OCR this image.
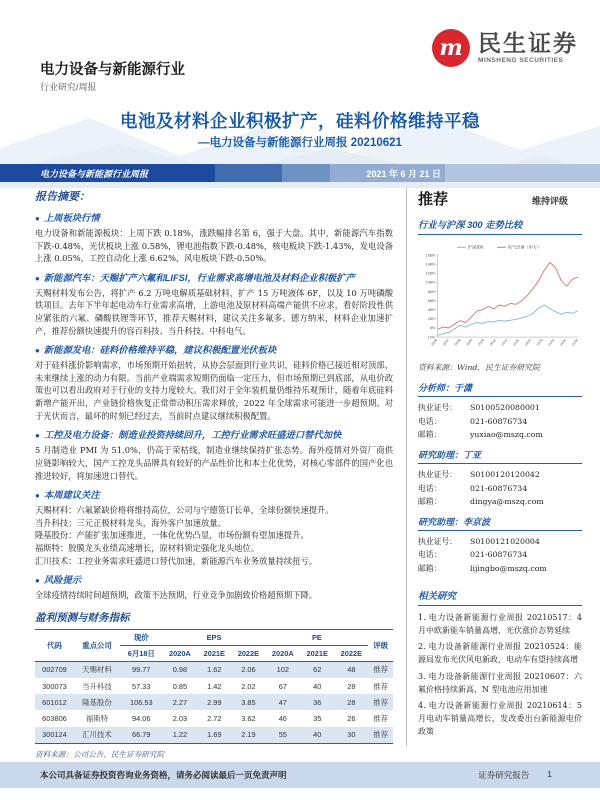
m 民生证券
MINSHENG SECURITIES
电力设备与新能源行业
行业研究/周报
电池及材料企业积极扩产，硅料价格维持平稳
—电力设备与新能源行业周报 20210621
电力设备与新能源行业周报	2021 年 6 月 21 日
报告摘要：
● 上周板块行情
电力设备和新能源板块：上周下跌 0.18%，涨跌幅排名第 6，强于大盘。其中，新能源汽车指数下跌-0.48%，光伏板块上涨 0.58%，锂电池指数下跌-0.48%，核电板块下跌-1.43%，发电设备上涨 0.05%，工控自动化上涨 6.62%，风电板块下跌-0.50%。
● 新能源汽车：天赐扩产六氟和LIFSI，行业需求高增电池及材料企业积极扩产
天赐材料发布公告，将扩产 6.2 万吨电解质基础材料，扩产 15 万吨液体 6F，以及 10 万吨磷酸铁项目。去年下半年起电动车行业需求高增，上游电池及原材料高端产能供不应求，看好阶段性供应紧张的六氟、磷酸铁锂等环节，推荐天赐材料，建议关注多氟多、德方纳米，材料企业加速扩产，推荐份额快速提升的容百科技、当升科技、中科电气。
● 新能源发电：硅料价格维持平稳，建议积极配置光伏板块
对于硅料涨价影响需求，市场预期开始扭转，从协会层面到行业共识，硅料价格已接近相对顶部，未来继续上涨的动力有限。当前产业端需求短期仍面临一定压力，但市场预期已到底部，从电价政策也可以看出政府对于行业的支持力度较大。我们对于全年装机量仍维持乐观预计，随着年底硅料新增产能开出，产业链价格恢复正常带动积压需求释放，2022 年全球需求可能进一步超预期。对于光伏而言，最坏的时刻已经过去，当前时点建议继续积极配置。
● 工控及电力设备：制造业投资持续回升，工控行业需求旺盛进口替代加快
5 月制造业 PMI 为 51.0%，仍高于荣枯线，制造业继续保持扩张态势。海外疫情对外资厂商供应链影响较大，国产工控龙头品牌具有较好的产品性价比和本土化优势，对核心零部件的国产化也推进较好，将加速进口替代。
● 本周建议关注
天赐材料：六氟紧缺价格将维持高位，公司与宁德签订长单，全球份额快速提升。
当升科技：三元正极材料龙头，海外客户加速放量。
隆基股份：产能扩张加速推进，一体化优势凸显，市场份额有望加速提升。
福斯特：胶膜龙头业绩高速增长，原材料锁定强化龙头地位。
汇川技术：工控业务需求旺盛进口替代加速，新能源汽车业务放量持续扭亏。
● 风险提示
全球疫情持续时间超预期，政策不达预期，行业竞争加剧致价格超预期下降。
盈利预测与财务指标
代码	重点公司	现价	EPS			PE			评级
		6月18日	2020A	2021E	2022E	2020A	2021E	2022E	
002709	天赐材料	99.77	0.98	1.62	2.06	102	62	48	推荐
300073	当升科技	57.33	0.85	1.42	2.02	67	40	28	推荐
601012	隆基股份	106.53	2.27	2.99	3.85	47	36	28	推荐
603806	福斯特	94.06	2.03	2.72	3.62	46	35	26	推荐
300124	汇川技术	66.79	1.22	1.69	2.19	55	40	30	推荐
资料来源：公司公告、民生证券研究院
推荐	维持评级
行业与沪深 300 走势比较
-12%
8%
28%
48%
68%
88%
108%
128%
148%
168%
20/06 20/07 20/08 20/09 20/10 20/11 20/12 21/01 21/02 21/03 21/04 21/05 21/06
沪深300	电气设备（申万）
资料来源：Wind，民生证券研究院
分析师：于潇
执业证号：	S0100520080001
电话：	021-60876734
邮箱：	yuxiao@mszq.com
研究助理：丁亚
执业证号：	S0100120120042
电话：	021-60876734
邮箱：	dingya@mszq.com
研究助理：李京波
执业证号：	S0100121020004
电话：	021-60876734
邮箱：	lijingbo@mszq.com
相关研究
1. 电力设备新能源行业周报 20210517：4 月中欧新能车销量高增，光伏涨价态势延续
2. 电力设备新能源行业周报 20210524：能源局发布光伏风电新政，电动车有望持续高增
3. 电力设备新能源行业周报 20210607：六氟价格持续新高，N 型电池应用加速
4. 电力设备新能源行业周报 20210614：5 月电动车销量高增长，发改委出台新能源电价政策
本公司具备证券投资咨询业务资格，请务必阅读最后一页免责声明	证券研究报告 1
